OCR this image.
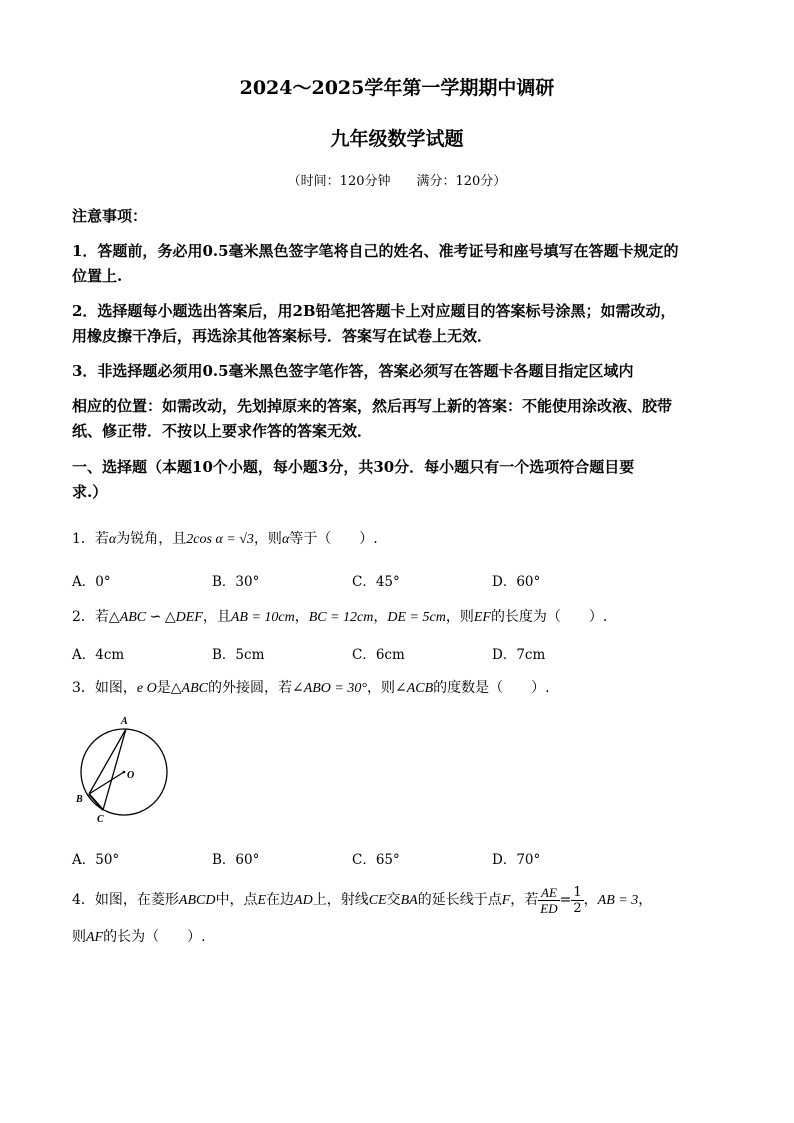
2024～2025学年第一学期期中调研
九年级数学试题
（时间：120分钟　　满分：120分）
注意事项：
1．答题前，务必用0.5毫米黑色签字笔将自己的姓名、准考证号和座号填写在答题卡规定的
位置上.
2．选择题每小题选出答案后，用2B铅笔把答题卡上对应题目的答案标号涂黑；如需改动，
用橡皮擦干净后，再选涂其他答案标号．答案写在试卷上无效．
3．非选择题必须用0.5毫米黑色签字笔作答，答案必须写在答题卡各题目指定区域内
相应的位置：如需改动，先划掉原来的答案，然后再写上新的答案：不能使用涂改液、胶带
纸、修正带．不按以上要求作答的答案无效．
一、选择题（本题10个小题，每小题3分，共30分．每小题只有一个选项符合题目要
求.）
1．若α为锐角，且2cos α = √3，则α等于（　　）.
A．0°	B．30°	C．45°	D．60°
2．若△ABC ∽ △DEF，且AB = 10cm，BC = 12cm，DE = 5cm，则EF的长度为（　　）.
A．4cm	B．5cm	C．6cm	D．7cm
3．如图，e O是△ABC的外接圆，若∠ABO = 30°，则∠ACB的度数是（　　）.
A
B
C
O
A．50°	B．60°	C．65°	D．70°
4．如图，在菱形ABCD中，点E在边AD上，射线CE交BA的延长线于点F，若 $\frac{AE}{ED} = \frac{1}{2}$ ，AB = 3，
则AF的长为（　　）.
